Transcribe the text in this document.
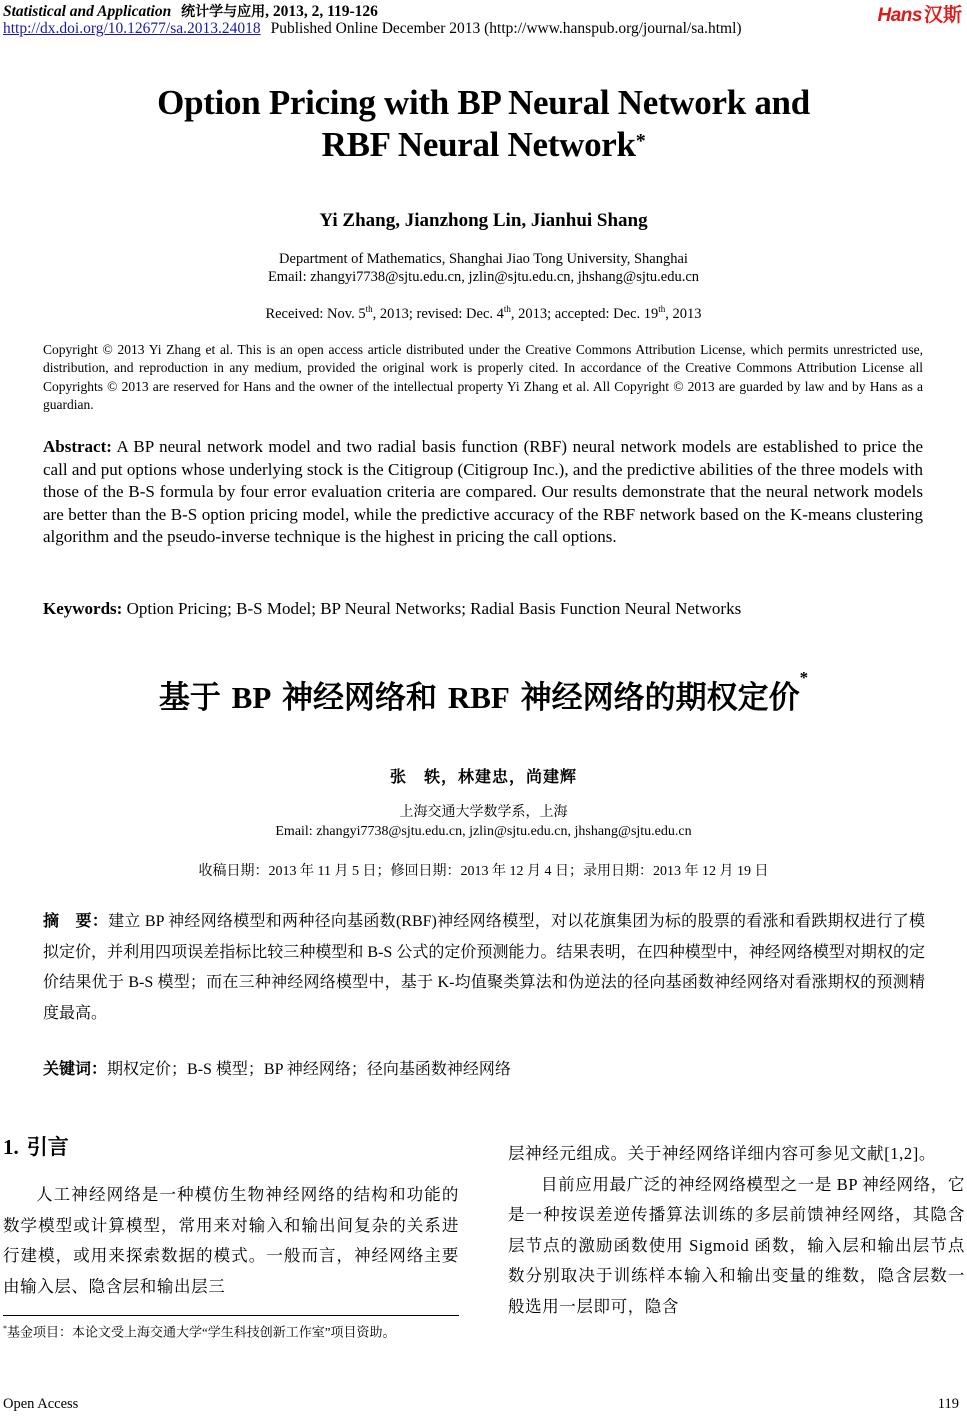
Statistical and Application 统计学与应用, 2013, 2, 119-126
http://dx.doi.org/10.12677/sa.2013.24018 Published Online December 2013 (http://www.hanspub.org/journal/sa.html)
Hans 汉斯
Option Pricing with BP Neural Network and
RBF Neural Network*
Yi Zhang, Jianzhong Lin, Jianhui Shang
Department of Mathematics, Shanghai Jiao Tong University, Shanghai
Email: zhangyi7738@sjtu.edu.cn, jzlin@sjtu.edu.cn, jhshang@sjtu.edu.cn
Received: Nov. 5th, 2013; revised: Dec. 4th, 2013; accepted: Dec. 19th, 2013
Copyright © 2013 Yi Zhang et al. This is an open access article distributed under the Creative Commons Attribution License, which permits unrestricted use, distribution, and reproduction in any medium, provided the original work is properly cited. In accordance of the Creative Commons Attribution License all Copyrights © 2013 are reserved for Hans and the owner of the intellectual property Yi Zhang et al. All Copyright © 2013 are guarded by law and by Hans as a guardian.
Abstract: A BP neural network model and two radial basis function (RBF) neural network models are established to price the call and put options whose underlying stock is the Citigroup (Citigroup Inc.), and the predictive abilities of the three models with those of the B-S formula by four error evaluation criteria are compared. Our results demonstrate that the neural network models are better than the B-S option pricing model, while the predictive accuracy of the RBF network based on the K-means clustering algorithm and the pseudo-inverse technique is the highest in pricing the call options.
Keywords: Option Pricing; B-S Model; BP Neural Networks; Radial Basis Function Neural Networks
基于 BP 神经网络和 RBF 神经网络的期权定价*
张　轶，林建忠，尚建辉
上海交通大学数学系，上海
Email: zhangyi7738@sjtu.edu.cn, jzlin@sjtu.edu.cn, jhshang@sjtu.edu.cn
收稿日期：2013 年 11 月 5 日；修回日期：2013 年 12 月 4 日；录用日期：2013 年 12 月 19 日
摘　要：建立 BP 神经网络模型和两种径向基函数(RBF)神经网络模型，对以花旗集团为标的股票的看涨和看跌期权进行了模拟定价，并利用四项误差指标比较三种模型和 B-S 公式的定价预测能力。结果表明，在四种模型中，神经网络模型对期权的定价结果优于 B-S 模型；而在三种神经网络模型中，基于 K-均值聚类算法和伪逆法的径向基函数神经网络对看涨期权的预测精度最高。
关键词：期权定价；B-S 模型；BP 神经网络；径向基函数神经网络
1. 引言

人工神经网络是一种模仿生物神经网络的结构和功能的数学模型或计算模型，常用来对输入和输出间复杂的关系进行建模，或用来探索数据的模式。一般而言，神经网络主要由输入层、隐含层和输出层三

层神经元组成。关于神经网络详细内容可参见文献[1,2]。

目前应用最广泛的神经网络模型之一是 BP 神经网络，它是一种按误差逆传播算法训练的多层前馈神经网络，其隐含层节点的激励函数使用 Sigmoid 函数，输入层和输出层节点数分别取决于训练样本输入和输出变量的维数，隐含层数一般选用一层即可，隐含

*基金项目：本论文受上海交通大学“学生科技创新工作室”项目资助。
Open Access	119
